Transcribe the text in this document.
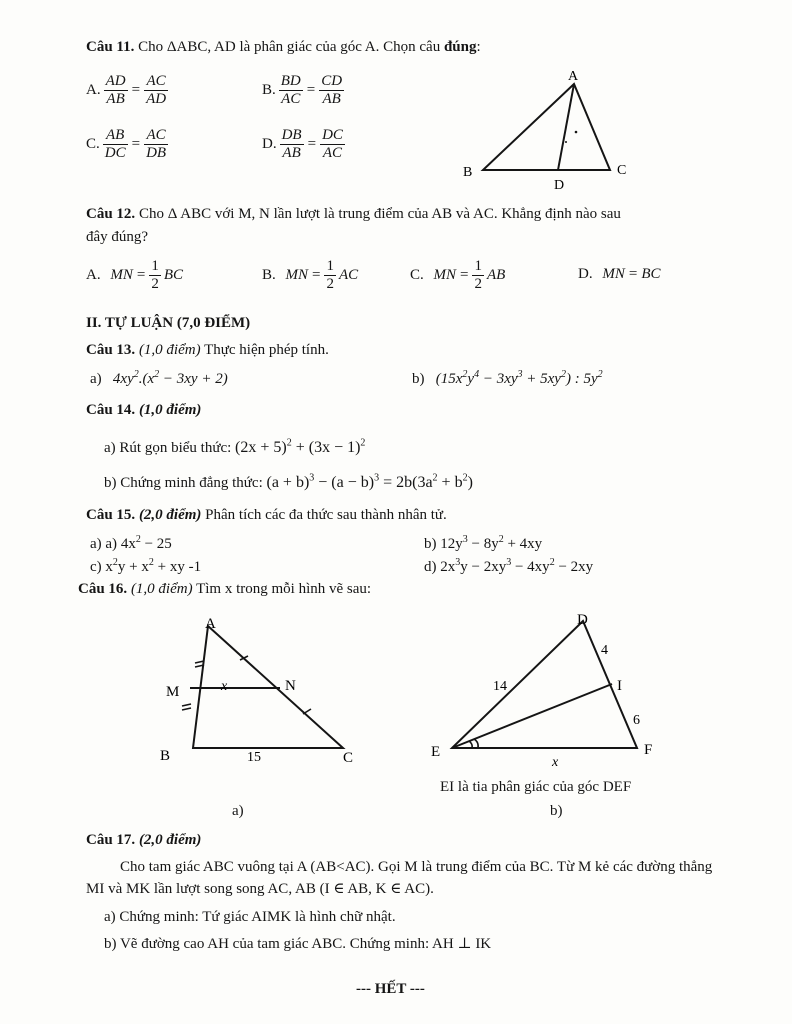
Câu 11. Cho ΔABC, AD là phân giác của góc A. Chọn câu đúng:
A. $\frac{AD}{AB} = \frac{AC}{AD}$	B. $\frac{BD}{AC} = \frac{CD}{AB}$
C. $\frac{AB}{DC} = \frac{AC}{DB}$	D. $\frac{DB}{AB} = \frac{DC}{AC}$
A
B	C
D
Câu 12. Cho Δ ABC với M, N lần lượt là trung điểm của AB và AC. Khẳng định nào sau
đây đúng?
A.
MN = $\frac{1}{2}$ BC	B.
MN = $\frac{1}{2}$ AC	C.
MN = $\frac{1}{2}$ AB	D.
MN = BC
II. TỰ LUẬN (7,0 ĐIỂM)
Câu 13. (1,0 điểm) Thực hiện phép tính.
a) $4xy^2.(x^2 - 3xy + 2)$	b) $(15x^2y^4 - 3xy^3 + 5xy^2)$ : $5y^2$
Câu 14. (1,0 điểm)
a) Rút gọn biểu thức: $(2x + 5)^2 + (3x - 1)^2$
b) Chứng minh đẳng thức: $(a + b)^3 - (a - b)^3 = 2b(3a^2 + b^2)$
Câu 15. (2,0 điểm) Phân tích các đa thức sau thành nhân tử.
a) a) $4x^2 - 25$	b) $12y^3 - 8y^2 + 4xy$
c) $x^2y + x^2$ + xy -1	d) $2x^3y - 2xy^3 - 4xy^2 - 2xy$
Câu 16. (1,0 điểm) Tìm x trong mỗi hình vẽ sau:
A
M	N
B	C
x
15
a)
D
I
E	F
14
4
6
x
EI là tia phân giác của góc DEF
b)
Câu 17. (2,0 điểm)
Cho tam giác ABC vuông tại A (AB<AC). Gọi M là trung điểm của BC. Từ M kẻ các đường thẳng MI và MK lần lượt song song AC, AB (I ∈ AB, K ∈ AC).
a) Chứng minh: Tứ giác AIMK là hình chữ nhật.
b) Vẽ đường cao AH của tam giác ABC. Chứng minh: AH ⊥ IK
--- HẾT ---
